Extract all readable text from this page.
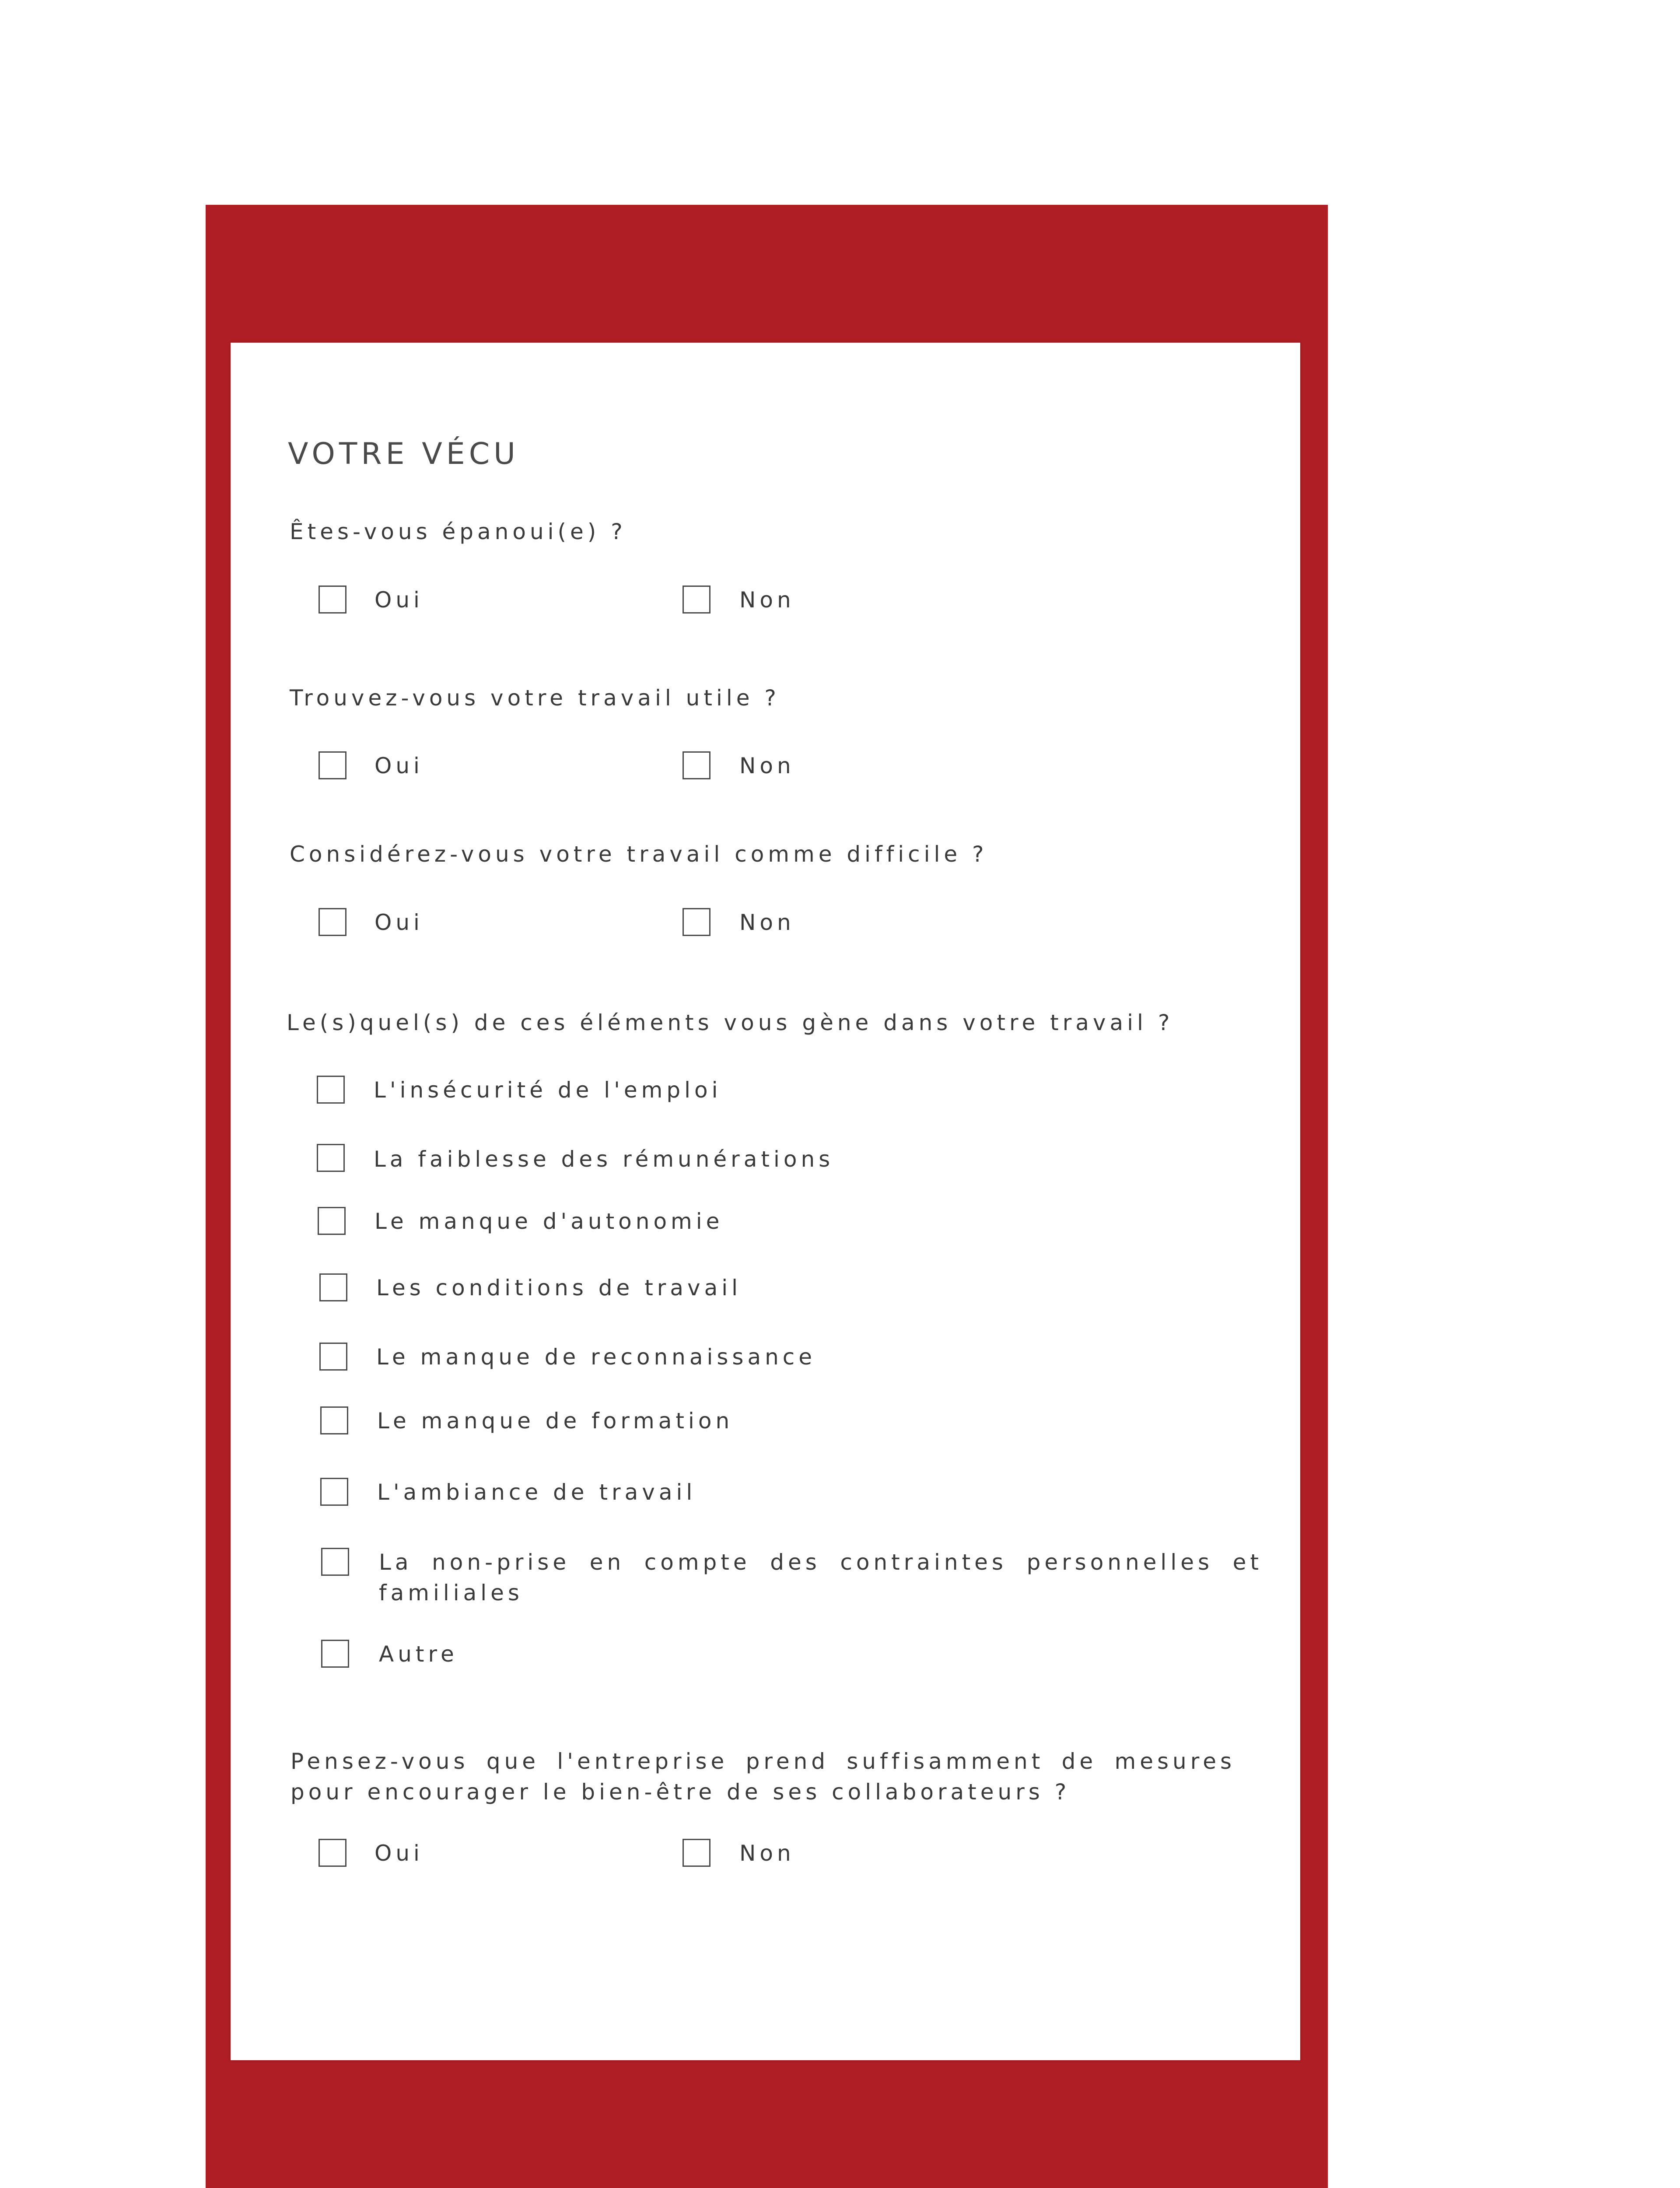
VOTRE VÉCU
Êtes-vous épanoui(e) ?
Oui	Non
Trouvez-vous votre travail utile ?
Oui	Non
Considérez-vous votre travail comme difficile ?
Oui	Non
Le(s)quel(s) de ces éléments vous gène dans votre travail ?
L'insécurité de l'emploi
La faiblesse des rémunérations
Le manque d'autonomie
Les conditions de travail
Le manque de reconnaissance
Le manque de formation
L'ambiance de travail
La non-prise en compte des contraintes personnelles et familiales
Autre
Pensez-vous que l'entreprise prend suffisamment de mesures pour encourager le bien-être de ses collaborateurs ?
Oui	Non
